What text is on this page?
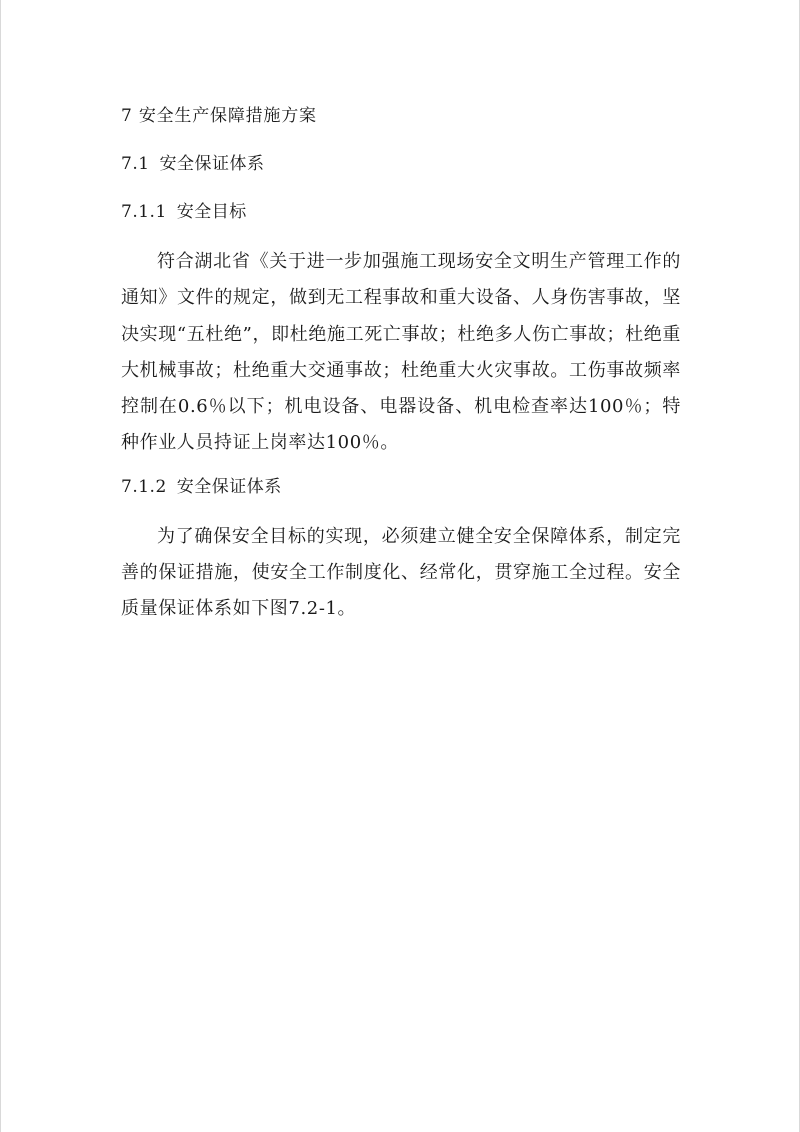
7 安全生产保障措施方案
7.1 安全保证体系
7.1.1 安全目标

符合湖北省《关于进一步加强施工现场安全文明生产管理工作的通知》文件的规定，做到无工程事故和重大设备、人身伤害事故，坚决实现“五杜绝”，即杜绝施工死亡事故；杜绝多人伤亡事故；杜绝重大机械事故；杜绝重大交通事故；杜绝重大火灾事故。工伤事故频率控制在0.6％以下；机电设备、电器设备、机电检查率达100％；特种作业人员持证上岗率达100％。

7.1.2 安全保证体系

为了确保安全目标的实现，必须建立健全安全保障体系，制定完善的保证措施，使安全工作制度化、经常化，贯穿施工全过程。安全质量保证体系如下图7.2-1。
